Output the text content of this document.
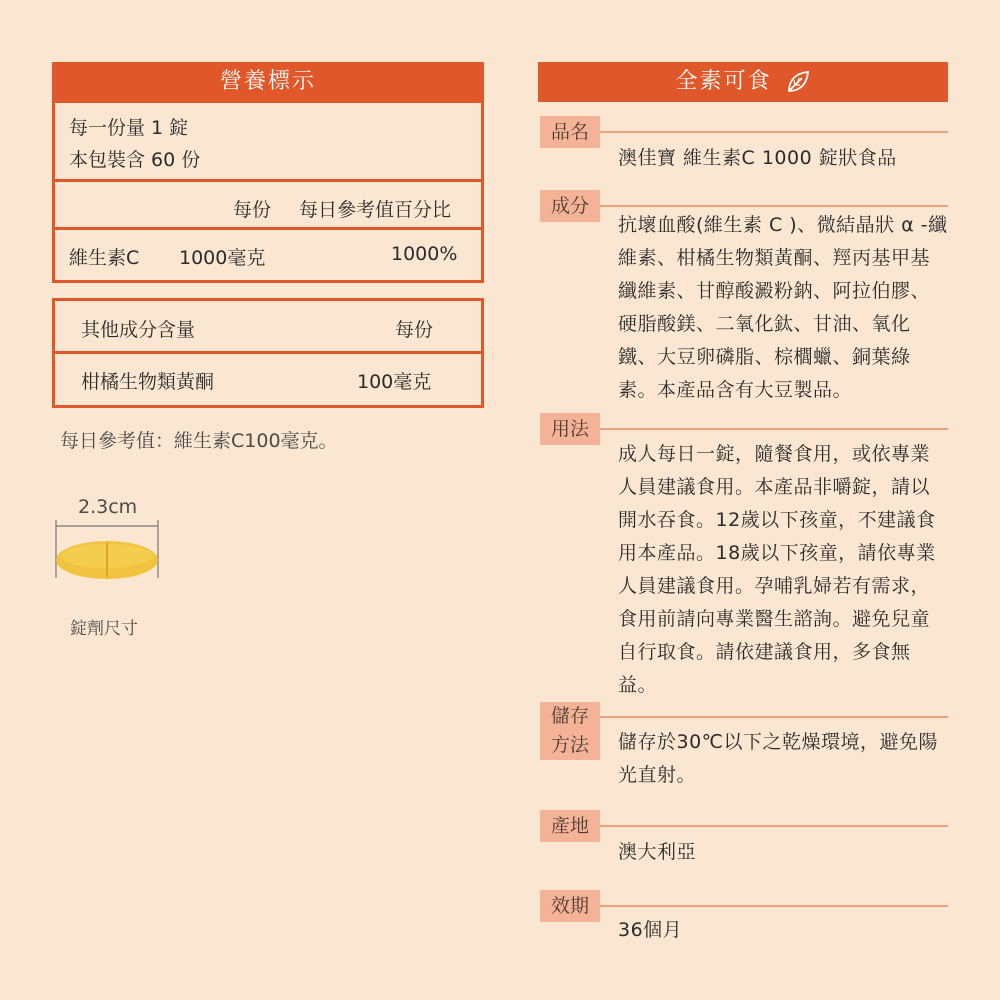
營養標示
每一份量 1 錠
本包裝含 60 份
每份 每日參考值百分比
維生素C 1000毫克	1000%
其他成分含量	每份
柑橘生物類黃酮	100毫克
每日參考值：維生素C100毫克。
2.3cm
錠劑尺寸
全素可食
品名
澳佳寶 維生素C 1000 錠狀食品
成分
抗壞血酸(維生素 C )、微結晶狀 α -纖維素、柑橘生物類黃酮、羥丙基甲基纖維素、甘醇酸澱粉鈉、阿拉伯膠、硬脂酸鎂、二氧化鈦、甘油、氧化鐵、大豆卵磷脂、棕櫚蠟、銅葉綠素。本產品含有大豆製品。
用法
成人每日一錠，隨餐食用，或依專業人員建議食用。本產品非嚼錠，請以開水吞食。12歲以下孩童，不建議食用本產品。18歲以下孩童，請依專業人員建議食用。孕哺乳婦若有需求，食用前請向專業醫生諮詢。避免兒童自行取食。請依建議食用，多食無益。
儲存
方法	儲存於30℃以下之乾燥環境，避免陽光直射。
產地
澳大利亞
效期
36個月
